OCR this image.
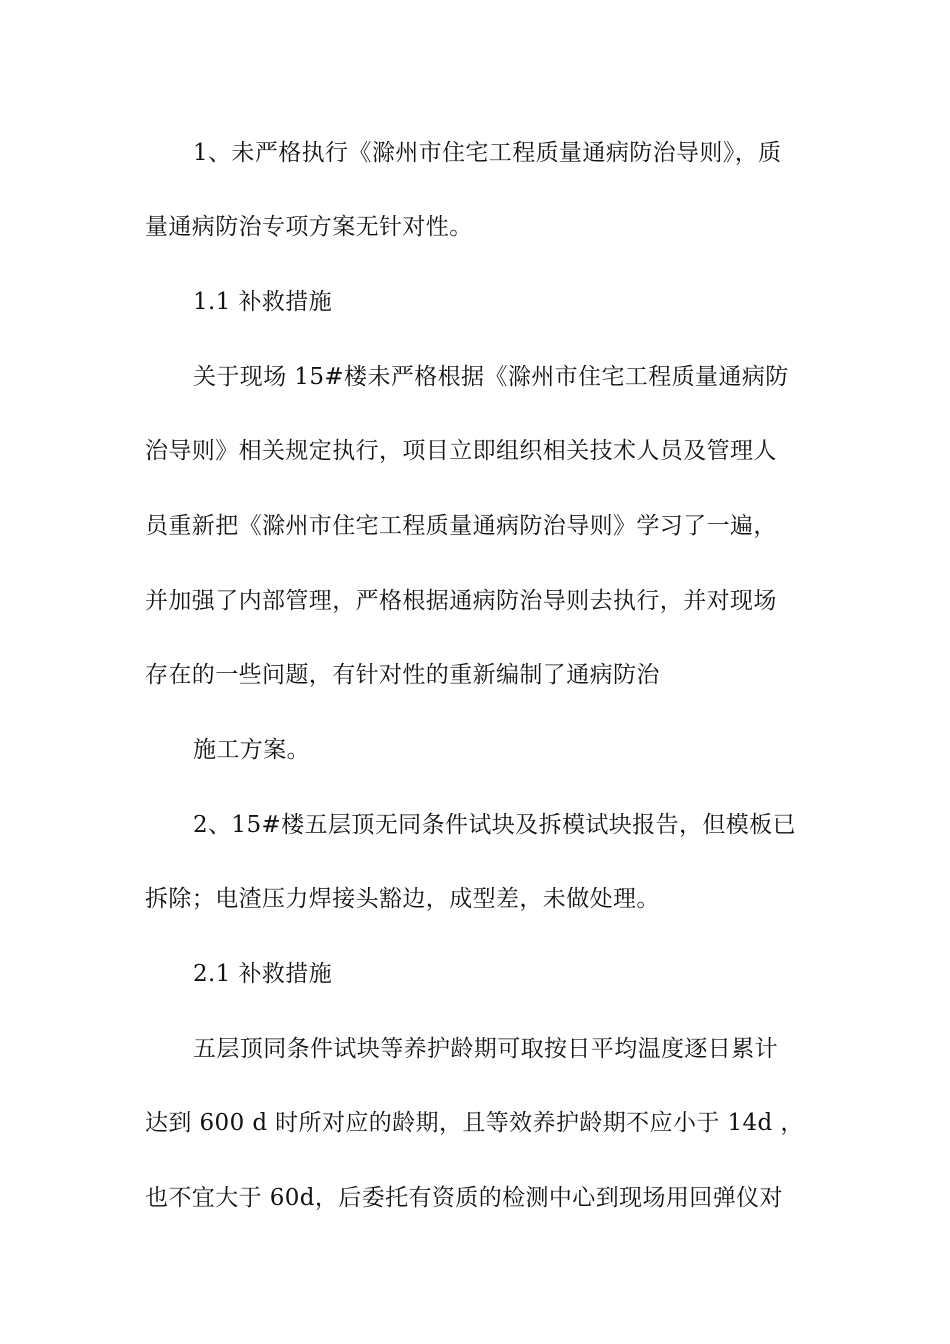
1、未严格执行《滁州市住宅工程质量通病防治导则》，质
量通病防治专项方案无针对性。
1.1 补救措施
关于现场 15#楼未严格根据《滁州市住宅工程质量通病防
治导则》相关规定执行，项目立即组织相关技术人员及管理人
员重新把《滁州市住宅工程质量通病防治导则》学习了一遍，
并加强了内部管理，严格根据通病防治导则去执行，并对现场
存在的一些问题，有针对性的重新编制了通病防治
施工方案。
2、15#楼五层顶无同条件试块及拆模试块报告，但模板已
拆除；电渣压力焊接头豁边，成型差，未做处理。
2.1 补救措施
五层顶同条件试块等养护龄期可取按日平均温度逐日累计
达到 600 d 时所对应的龄期，且等效养护龄期不应小于 14d ，
也不宜大于 60d，后委托有资质的检测中心到现场用回弹仪对
